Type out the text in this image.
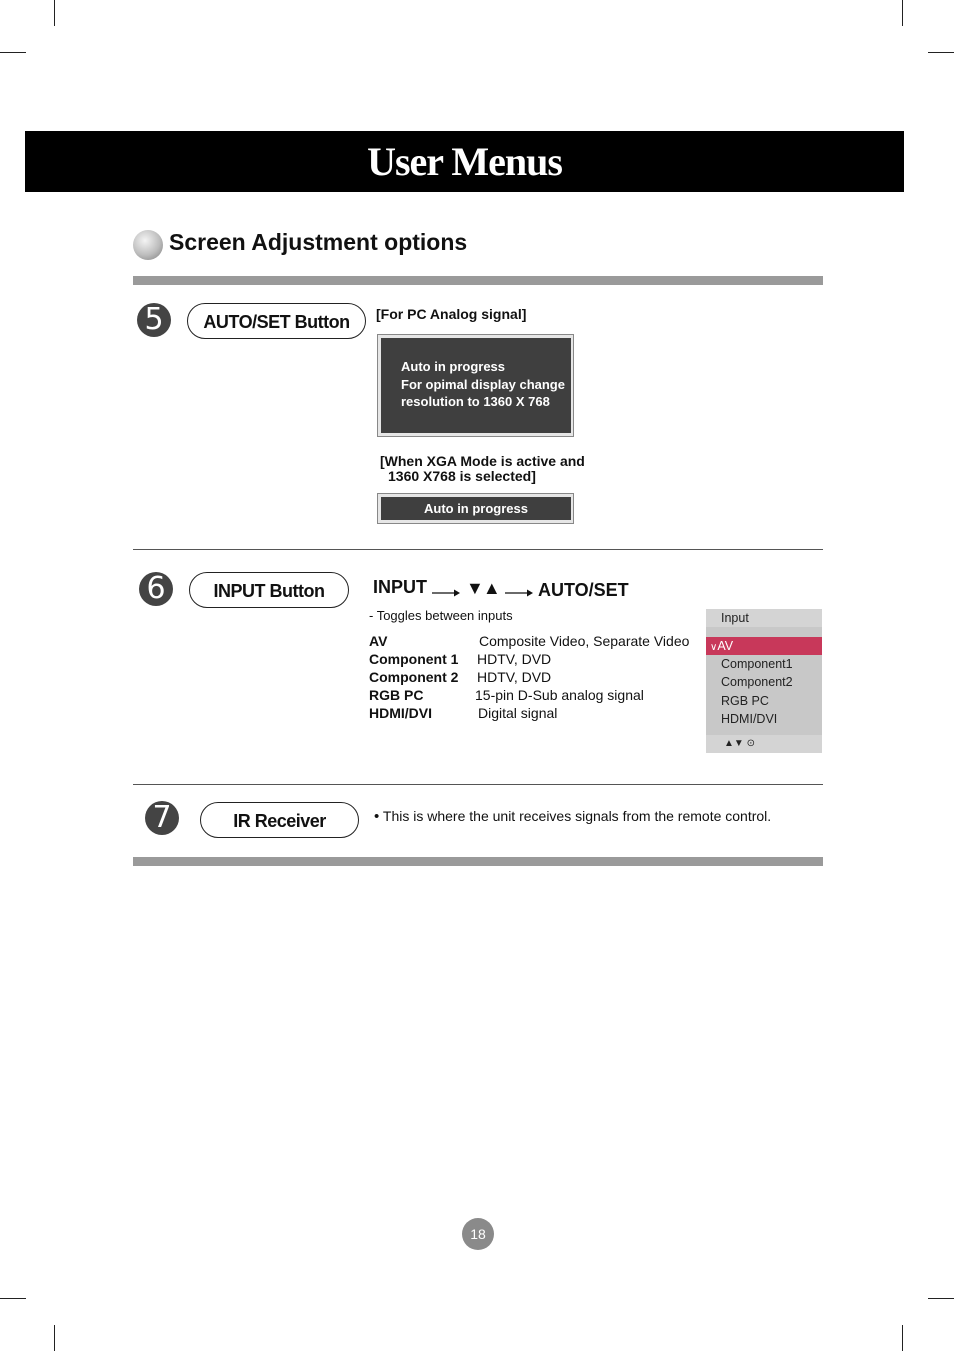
User Menus
Screen Adjustment options
5	AUTO/SET Button	[For PC Analog signal]
Auto in progress
For opimal display change
resolution to 1360 X 768
[When XGA Mode is active and
1360 X768 is selected]
Auto in progress
6	INPUT Button	INPUT ▼▲ AUTO/SET
- Toggles between inputs
AV	Composite Video, Separate Video
Component 1 HDTV, DVD
Component 2 HDTV, DVD
RGB PC	15-pin D-Sub analog signal
HDMI/DVI	Digital signal
Input
∨AV
Component1
Component2
RGB PC
HDMI/DVI
▲▼ ⊙
7	IR Receiver	• This is where the unit receives signals from the remote control.
18
